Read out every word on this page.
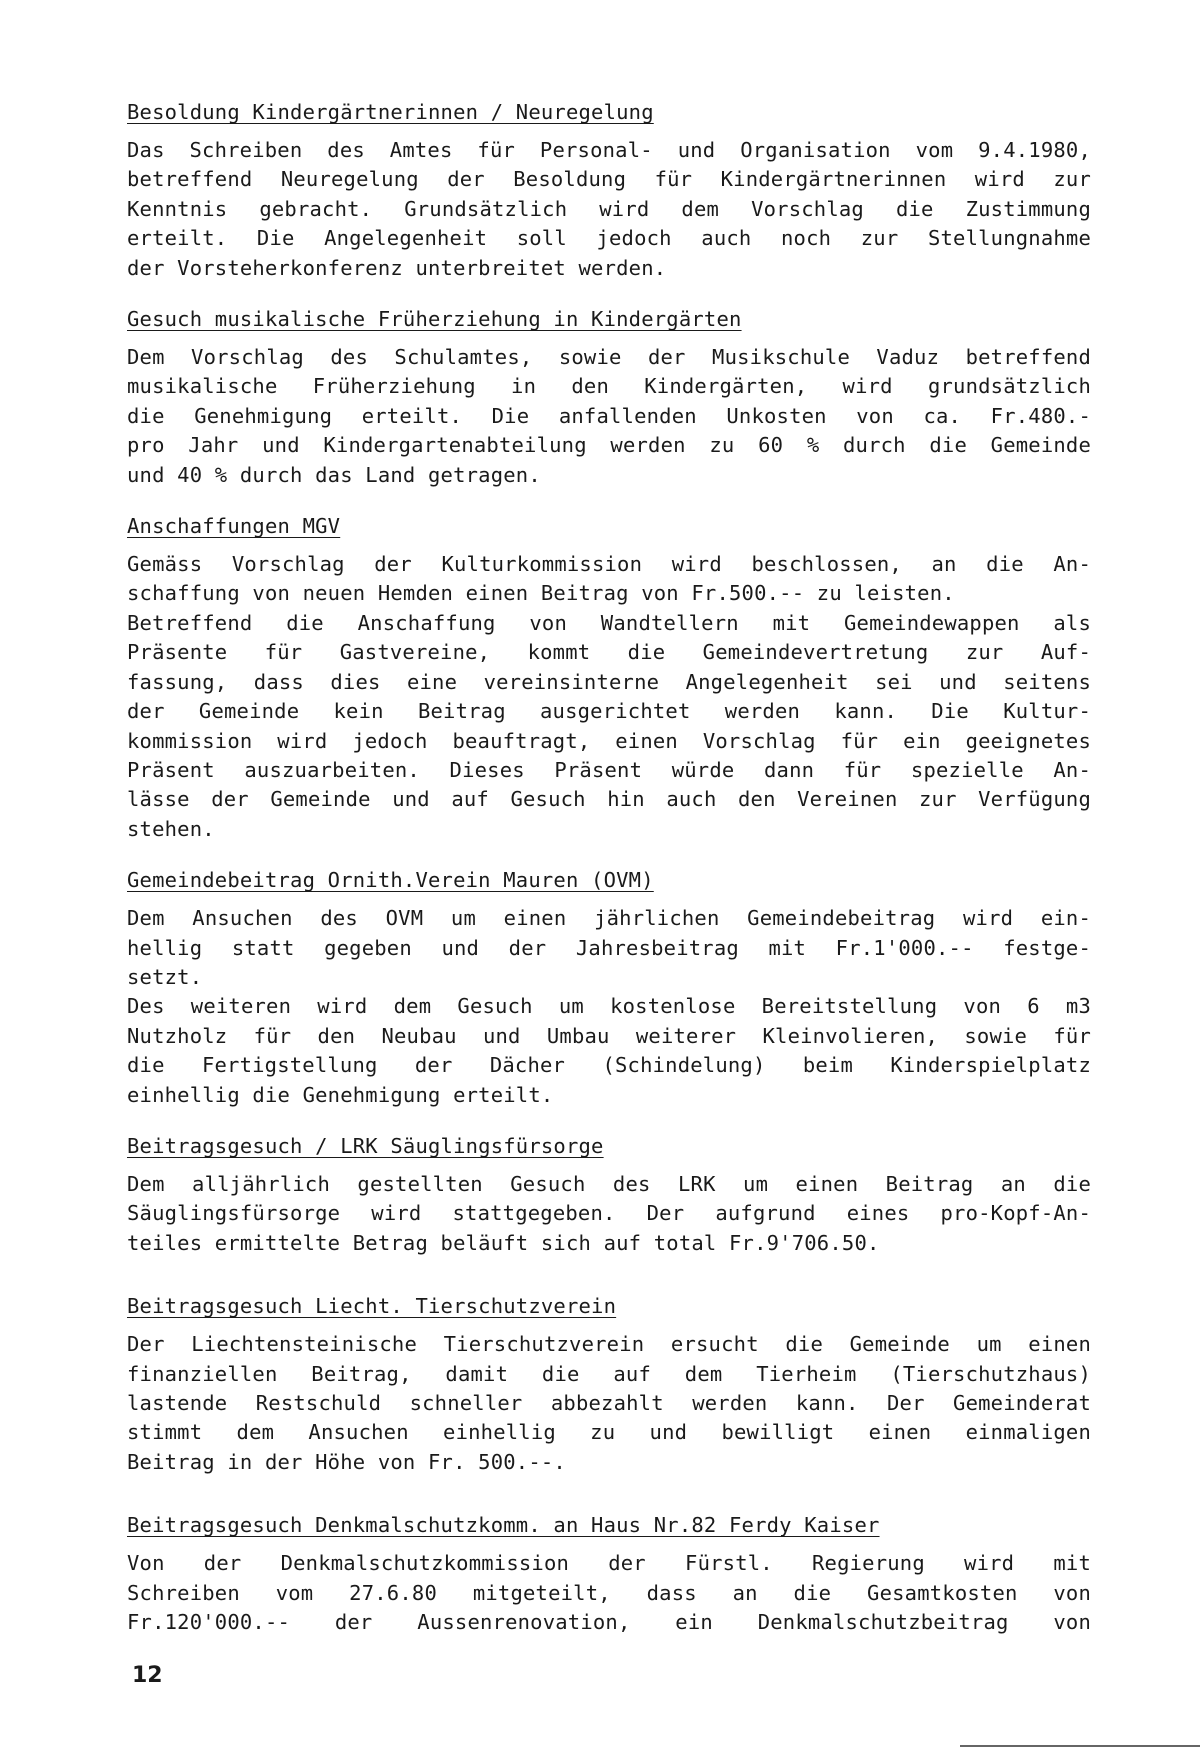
Besoldung Kindergärtnerinnen / Neuregelung
Das Schreiben des Amtes für Personal- und Organisation vom 9.4.1980,
betreffend Neuregelung der Besoldung für Kindergärtnerinnen wird zur
Kenntnis gebracht. Grundsätzlich wird dem Vorschlag die Zustimmung
erteilt. Die Angelegenheit soll jedoch auch noch zur Stellungnahme
der Vorsteherkonferenz unterbreitet werden.
Gesuch musikalische Früherziehung in Kindergärten
Dem Vorschlag des Schulamtes, sowie der Musikschule Vaduz betreffend
musikalische Früherziehung in den Kindergärten, wird grundsätzlich
die Genehmigung erteilt. Die anfallenden Unkosten von ca. Fr.480.-
pro Jahr und Kindergartenabteilung werden zu 60 % durch die Gemeinde
und 40 % durch das Land getragen.
Anschaffungen MGV
Gemäss Vorschlag der Kulturkommission wird beschlossen, an die An-
schaffung von neuen Hemden einen Beitrag von Fr.500.-- zu leisten.
Betreffend die Anschaffung von Wandtellern mit Gemeindewappen als
Präsente für Gastvereine, kommt die Gemeindevertretung zur Auf-
fassung, dass dies eine vereinsinterne Angelegenheit sei und seitens
der Gemeinde kein Beitrag ausgerichtet werden kann. Die Kultur-
kommission wird jedoch beauftragt, einen Vorschlag für ein geeignetes
Präsent auszuarbeiten. Dieses Präsent würde dann für spezielle An-
lässe der Gemeinde und auf Gesuch hin auch den Vereinen zur Verfügung
stehen.
Gemeindebeitrag Ornith.Verein Mauren (OVM)
Dem Ansuchen des OVM um einen jährlichen Gemeindebeitrag wird ein-
hellig statt gegeben und der Jahresbeitrag mit Fr.1'000.-- festge-
setzt.
Des weiteren wird dem Gesuch um kostenlose Bereitstellung von 6 m3
Nutzholz für den Neubau und Umbau weiterer Kleinvolieren, sowie für
die Fertigstellung der Dächer (Schindelung) beim Kinderspielplatz
einhellig die Genehmigung erteilt.
Beitragsgesuch / LRK Säuglingsfürsorge
Dem alljährlich gestellten Gesuch des LRK um einen Beitrag an die
Säuglingsfürsorge wird stattgegeben. Der aufgrund eines pro-Kopf-An-
teiles ermittelte Betrag beläuft sich auf total Fr.9'706.50.
Beitragsgesuch Liecht. Tierschutzverein
Der Liechtensteinische Tierschutzverein ersucht die Gemeinde um einen
finanziellen Beitrag, damit die auf dem Tierheim (Tierschutzhaus)
lastende Restschuld schneller abbezahlt werden kann. Der Gemeinderat
stimmt dem Ansuchen einhellig zu und bewilligt einen einmaligen
Beitrag in der Höhe von Fr. 500.--.
Beitragsgesuch Denkmalschutzkomm. an Haus Nr.82 Ferdy Kaiser
Von der Denkmalschutzkommission der Fürstl. Regierung wird mit
Schreiben vom 27.6.80 mitgeteilt, dass an die Gesamtkosten von
Fr.120'000.-- der Aussenrenovation, ein Denkmalschutzbeitrag von
12
